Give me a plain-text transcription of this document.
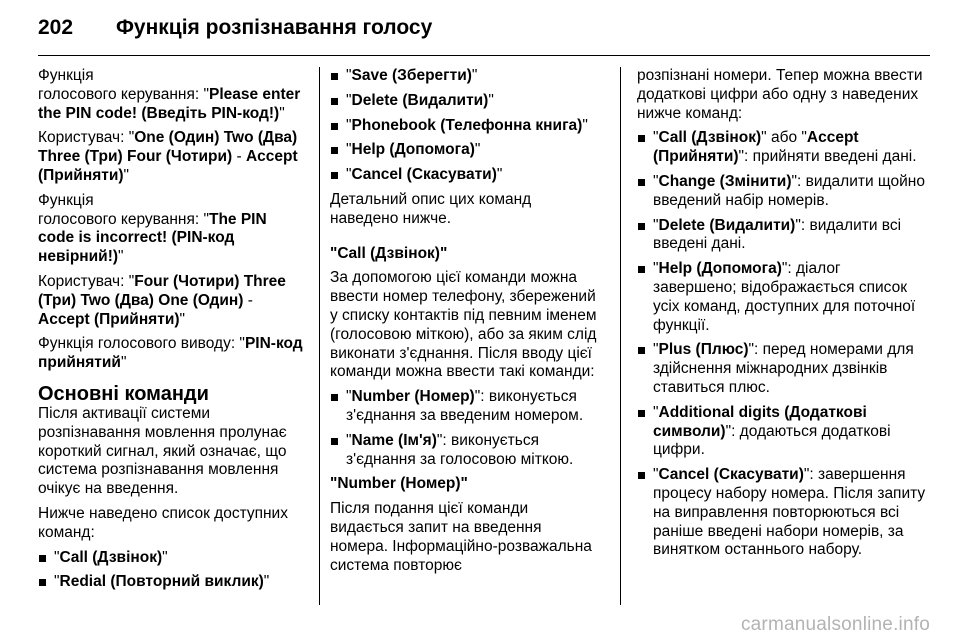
202	Функція розпізнавання голосу

Функція
голосового керування: "Please enter the PIN code! (Введіть PIN-код!)"

Користувач: "One (Один) Two (Два) Three (Три) Four (Чотири) - Accept (Прийняти)"

Функція
голосового керування: "The PIN code is incorrect! (PIN-код невірний!)"

Користувач: "Four (Чотири) Three (Три) Two (Два) One (Один) - Accept (Прийняти)"

Функція голосового виводу: "PIN-код прийнятий"

Основні команди

Після активації системи розпізнавання мовлення пролунає короткий сигнал, який означає, що система розпізнавання мовлення очікує на введення.

Нижче наведено список доступних команд:

"Call (Дзвінок)"
"Redial (Повторний виклик)"
"Save (Зберегти)"
"Delete (Видалити)"
"Phonebook (Телефонна книга)"
"Help (Допомога)"
"Cancel (Скасувати)"

Детальний опис цих команд наведено нижче.

"Call (Дзвінок)"

За допомогою цієї команди можна ввести номер телефону, збережений у списку контактів під певним іменем (голосовою міткою), або за яким слід виконати з'єднання. Після вводу цієї команди можна ввести такі команди:

"Number (Номер)": виконується з'єднання за введеним номером.
"Name (Ім'я)": виконується з'єднання за голосовою міткою.

"Number (Номер)"

Після подання цієї команди видається запит на введення номера. Інформаційно-розважальна система повторює

розпізнані номери. Тепер можна ввести додаткові цифри або одну з наведених нижче команд:

"Call (Дзвінок)" або "Accept (Прийняти)": прийняти введені дані.
"Change (Змінити)": видалити щойно введений набір номерів.
"Delete (Видалити)": видалити всі введені дані.
"Help (Допомога)": діалог завершено; відображається список усіх команд, доступних для поточної функції.
"Plus (Плюс)": перед номерами для здійснення міжнародних дзвінків ставиться плюс.
"Additional digits (Додаткові символи)": додаються додаткові цифри.
"Cancel (Скасувати)": завершення процесу набору номера. Після запиту на виправлення повторюються всі раніше введені набори номерів, за винятком останнього набору.
carmanualsonline.info
